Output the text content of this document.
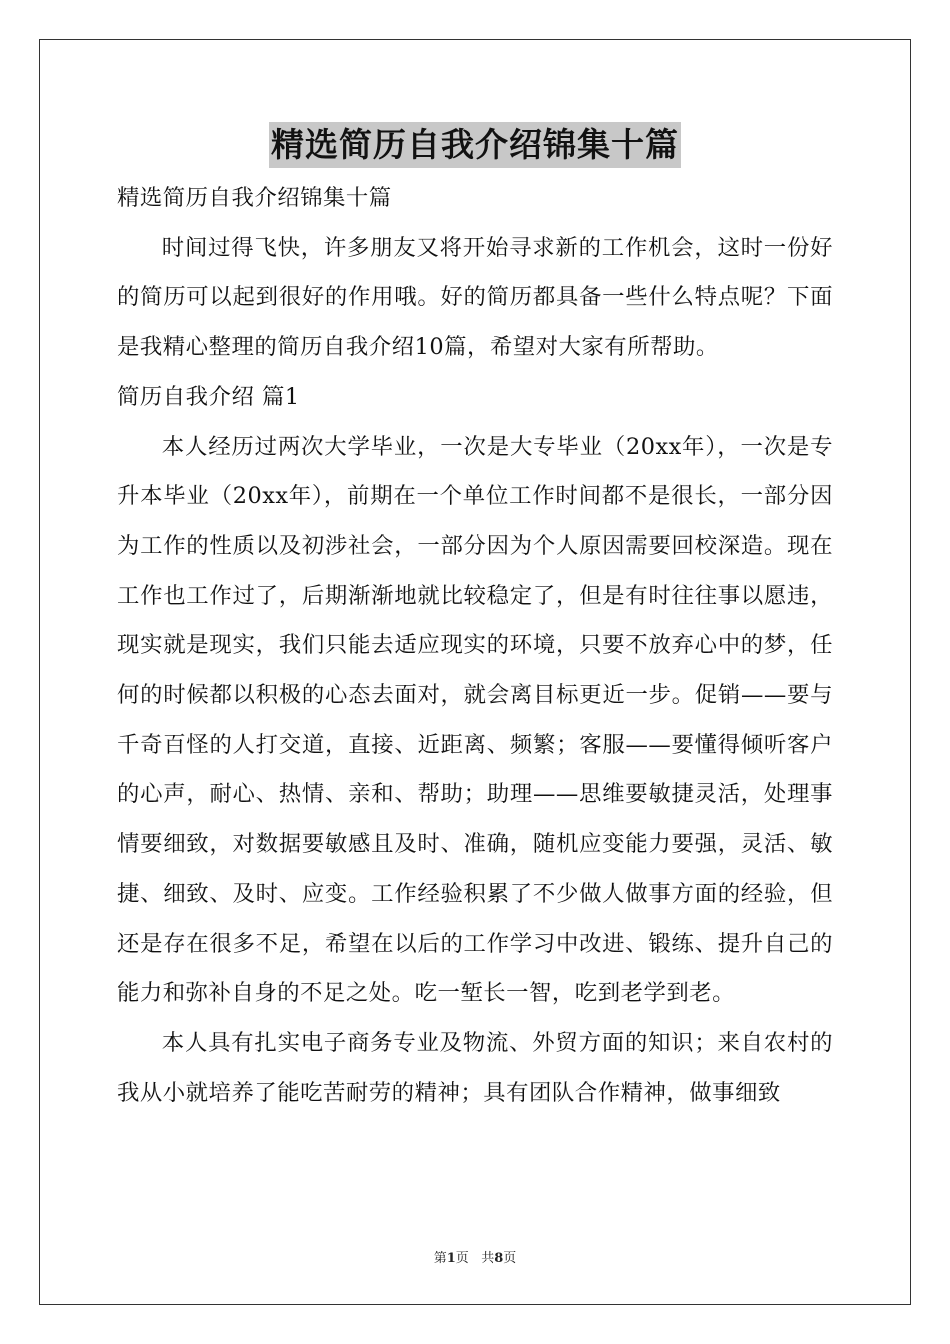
精选简历自我介绍锦集十篇

精选简历自我介绍锦集十篇

时间过得飞快，许多朋友又将开始寻求新的工作机会，这时一份好的简历可以起到很好的作用哦。好的简历都具备一些什么特点呢？下面是我精心整理的简历自我介绍10篇，希望对大家有所帮助。

简历自我介绍 篇1

本人经历过两次大学毕业，一次是大专毕业（20xx年），一次是专升本毕业（20xx年），前期在一个单位工作时间都不是很长，一部分因为工作的性质以及初涉社会，一部分因为个人原因需要回校深造。现在工作也工作过了，后期渐渐地就比较稳定了，但是有时往往事以愿违，现实就是现实，我们只能去适应现实的环境，只要不放弃心中的梦，任何的时候都以积极的心态去面对，就会离目标更近一步。促销——要与千奇百怪的人打交道，直接、近距离、频繁；客服——要懂得倾听客户的心声，耐心、热情、亲和、帮助；助理——思维要敏捷灵活，处理事情要细致，对数据要敏感且及时、准确，随机应变能力要强，灵活、敏捷、细致、及时、应变。工作经验积累了不少做人做事方面的经验，但还是存在很多不足，希望在以后的工作学习中改进、锻练、提升自己的能力和弥补自身的不足之处。吃一堑长一智，吃到老学到老。

本人具有扎实电子商务专业及物流、外贸方面的知识；来自农村的我从小就培养了能吃苦耐劳的精神；具有团队合作精神，做事细致

第1页 共8页
